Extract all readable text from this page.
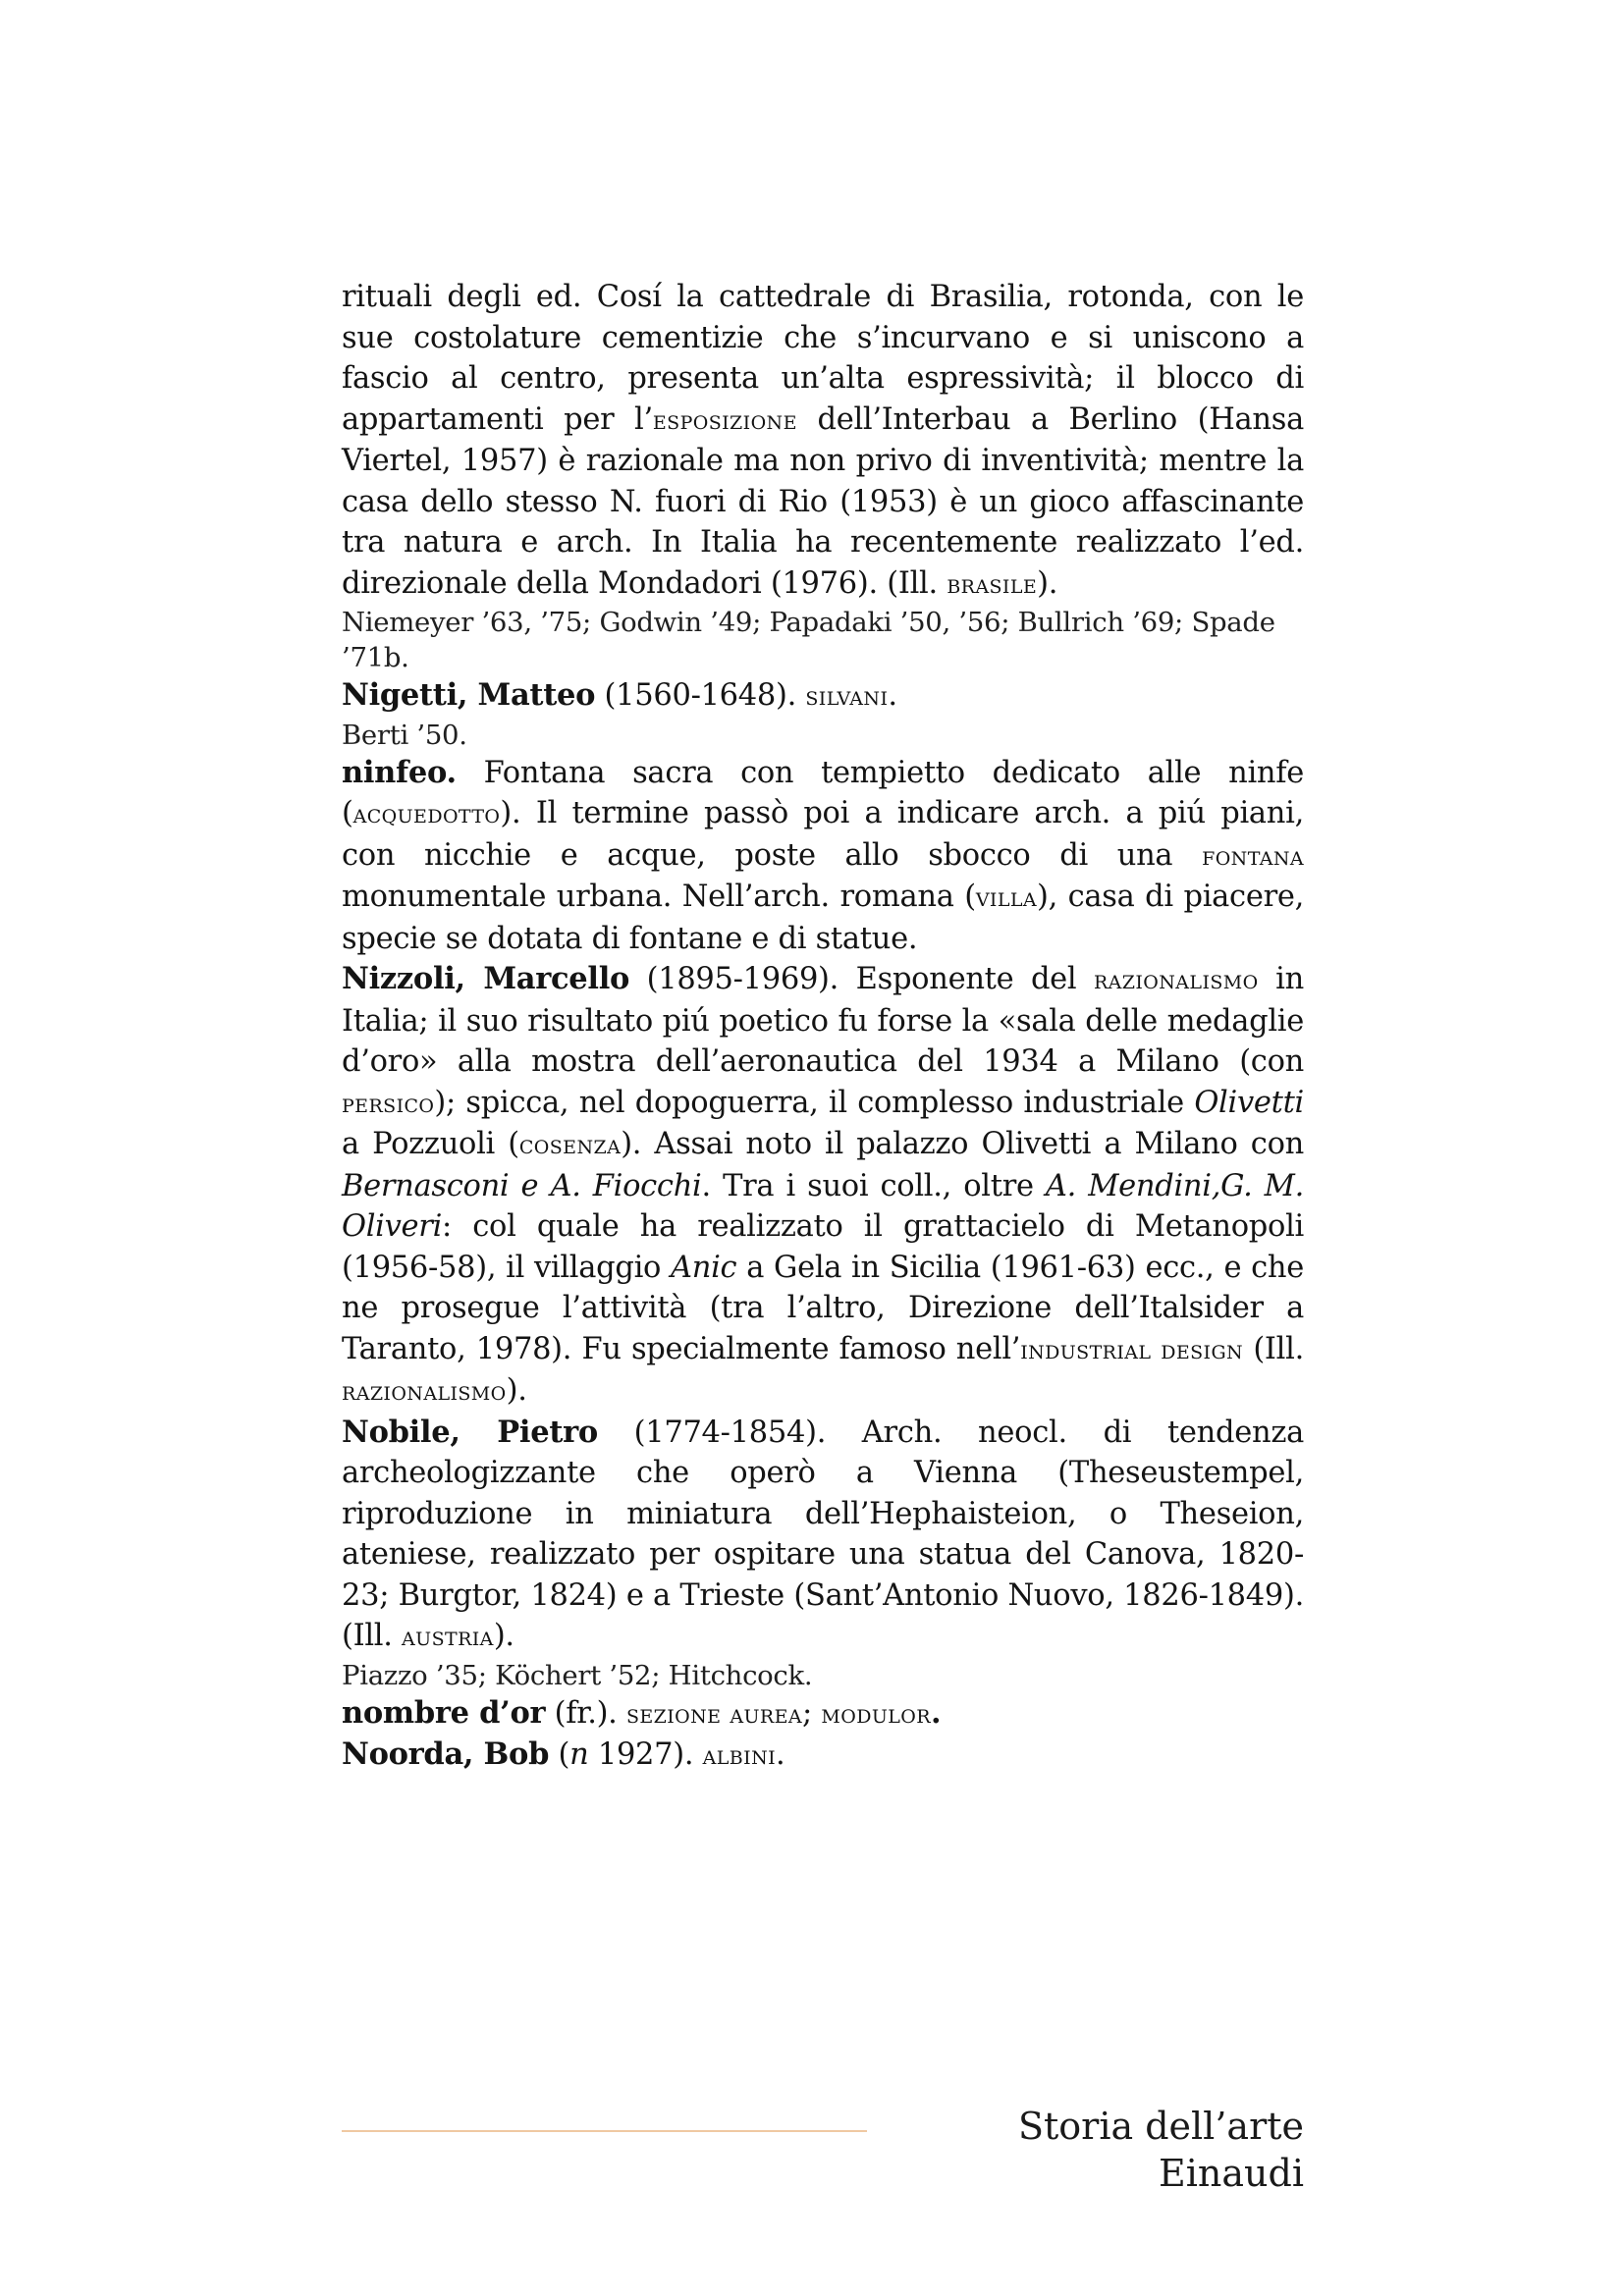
rituali degli ed. Cosí la cattedrale di Brasilia, rotonda, con le sue costolature cementizie che s’incurvano e si uniscono a fascio al centro, presenta un’alta espressività; il blocco di appartamenti per l’esposizione dell’Interbau a Berlino (Hansa Viertel, 1957) è razionale ma non privo di inventività; mentre la casa dello stesso N. fuori di Rio (1953) è un gioco affascinante tra natura e arch. In Italia ha recentemente realizzato l’ed. direzionale della Mondadori (1976). (Ill. brasile).

Niemeyer ’63, ’75; Godwin ’49; Papadaki ’50, ’56; Bullrich ’69; Spade ’71b.

Nigetti, Matteo (1560-1648). silvani.

Berti ’50.

ninfeo. Fontana sacra con tempietto dedicato alle ninfe (acquedotto). Il termine passò poi a indicare arch. a piú piani, con nicchie e acque, poste allo sbocco di una fontana monumentale urbana. Nell’arch. romana (villa), casa di piacere, specie se dotata di fontane e di statue.

Nizzoli, Marcello (1895-1969). Esponente del razionalismo in Italia; il suo risultato piú poetico fu forse la «sala delle medaglie d’oro» alla mostra dell’aeronautica del 1934 a Milano (con persico); spicca, nel dopoguerra, il complesso industriale Olivetti a Pozzuoli (cosenza). Assai noto il palazzo Olivetti a Milano con Bernasconi e A. Fiocchi. Tra i suoi coll., oltre A. Mendini,G. M. Oliveri: col quale ha realizzato il grattacielo di Metanopoli (1956-58), il villaggio Anic a Gela in Sicilia (1961-63) ecc., e che ne prosegue l’attività (tra l’altro, Direzione dell’Italsider a Taranto, 1978). Fu specialmente famoso nell’industrial design (Ill. razionalismo).

Nobile, Pietro (1774-1854). Arch. neocl. di tendenza archeologizzante che operò a Vienna (Theseustempel, riproduzione in miniatura dell’Hephaisteion, o Theseion, ateniese, realizzato per ospitare una statua del Canova, 1820-23; Burgtor, 1824) e a Trieste (Sant’Antonio Nuovo, 1826-1849). (Ill. austria).

Piazzo ’35; Köchert ’52; Hitchcock.

nombre d’or (fr.). sezione aurea; modulor.

Noorda, Bob (n 1927). albini.

Storia dell’arte Einaudi
